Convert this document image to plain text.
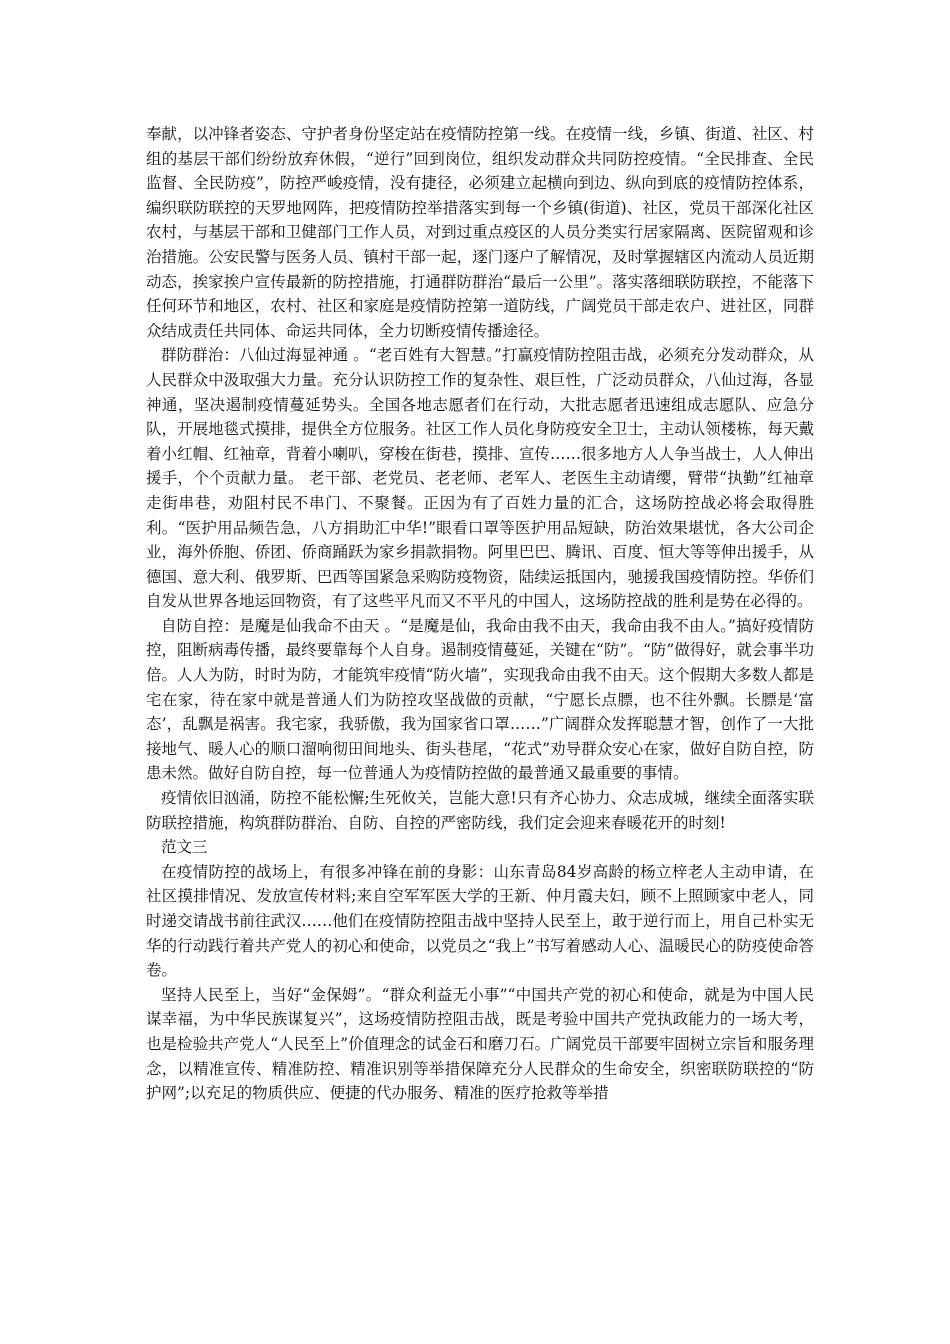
奉献，以冲锋者姿态、守护者身份坚定站在疫情防控第一线。在疫情一线，乡镇、街道、社区、村组的基层干部们纷纷放弃休假，“逆行”回到岗位，组织发动群众共同防控疫情。“全民排查、全民监督、全民防疫”，防控严峻疫情，没有捷径，必须建立起横向到边、纵向到底的疫情防控体系，编织联防联控的天罗地网阵，把疫情防控举措落实到每一个乡镇(街道)、社区，党员干部深化社区农村，与基层干部和卫健部门工作人员，对到过重点疫区的人员分类实行居家隔离、医院留观和诊治措施。公安民警与医务人员、镇村干部一起，逐门逐户了解情况，及时掌握辖区内流动人员近期动态，挨家挨户宣传最新的防控措施，打通群防群治“最后一公里”。落实落细联防联控，不能落下任何环节和地区，农村、社区和家庭是疫情防控第一道防线，广阔党员干部走农户、进社区，同群众结成责任共同体、命运共同体，全力切断疫情传播途径。

群防群治：八仙过海显神通 。“老百姓有大智慧。”打赢疫情防控阻击战，必须充分发动群众，从人民群众中汲取强大力量。充分认识防控工作的复杂性、艰巨性，广泛动员群众，八仙过海，各显神通，坚决遏制疫情蔓延势头。全国各地志愿者们在行动，大批志愿者迅速组成志愿队、应急分队，开展地毯式摸排，提供全方位服务。社区工作人员化身防疫安全卫士，主动认领楼栋，每天戴着小红帽、红袖章，背着小喇叭，穿梭在街巷，摸排、宣传……很多地方人人争当战士，人人伸出援手，个个贡献力量。 老干部、老党员、老老师、老军人、老医生主动请缨，臂带“执勤”红袖章走街串巷，劝阻村民不串门、不聚餐。正因为有了百姓力量的汇合，这场防控战必将会取得胜利。“医护用品频告急，八方捐助汇中华!”眼看口罩等医护用品短缺，防治效果堪忧，各大公司企业，海外侨胞、侨团、侨商踊跃为家乡捐款捐物。阿里巴巴、腾讯、百度、恒大等等伸出援手，从德国、意大利、俄罗斯、巴西等国紧急采购防疫物资，陆续运抵国内，驰援我国疫情防控。华侨们自发从世界各地运回物资，有了这些平凡而又不平凡的中国人，这场防控战的胜利是势在必得的。

自防自控：是魔是仙我命不由天 。“是魔是仙，我命由我不由天，我命由我不由人。”搞好疫情防控，阻断病毒传播，最终要靠每个人自身。遏制疫情蔓延，关键在“防”。“防”做得好，就会事半功倍。人人为防，时时为防，才能筑牢疫情“防火墙”，实现我命由我不由天。这个假期大多数人都是宅在家，待在家中就是普通人们为防控攻坚战做的贡献，“宁愿长点膘，也不往外飘。长膘是‘富态’，乱飘是祸害。我宅家，我骄傲，我为国家省口罩……”广阔群众发挥聪慧才智，创作了一大批接地气、暖人心的顺口溜响彻田间地头、街头巷尾，“花式”劝导群众安心在家，做好自防自控，防患未然。做好自防自控，每一位普通人为疫情防控做的最普通又最重要的事情。

疫情依旧汹涌，防控不能松懈;生死攸关，岂能大意!只有齐心协力、众志成城，继续全面落实联防联控措施，构筑群防群治、自防、自控的严密防线，我们定会迎来春暖花开的时刻!

范文三

在疫情防控的战场上，有很多冲锋在前的身影：山东青岛84岁高龄的杨立梓老人主动申请，在社区摸排情况、发放宣传材料;来自空军军医大学的王新、仲月霞夫妇，顾不上照顾家中老人，同时递交请战书前往武汉……他们在疫情防控阻击战中坚持人民至上，敢于逆行而上，用自己朴实无华的行动践行着共产党人的初心和使命，以党员之“我上”书写着感动人心、温暖民心的防疫使命答卷。

坚持人民至上，当好“金保姆”。“群众利益无小事”“中国共产党的初心和使命，就是为中国人民谋幸福，为中华民族谋复兴”，这场疫情防控阻击战，既是考验中国共产党执政能力的一场大考，也是检验共产党人“人民至上”价值理念的试金石和磨刀石。广阔党员干部要牢固树立宗旨和服务理念，以精准宣传、精准防控、精准识别等举措保障充分人民群众的生命安全，织密联防联控的“防护网”;以充足的物质供应、便捷的代办服务、精准的医疗抢救等举措
